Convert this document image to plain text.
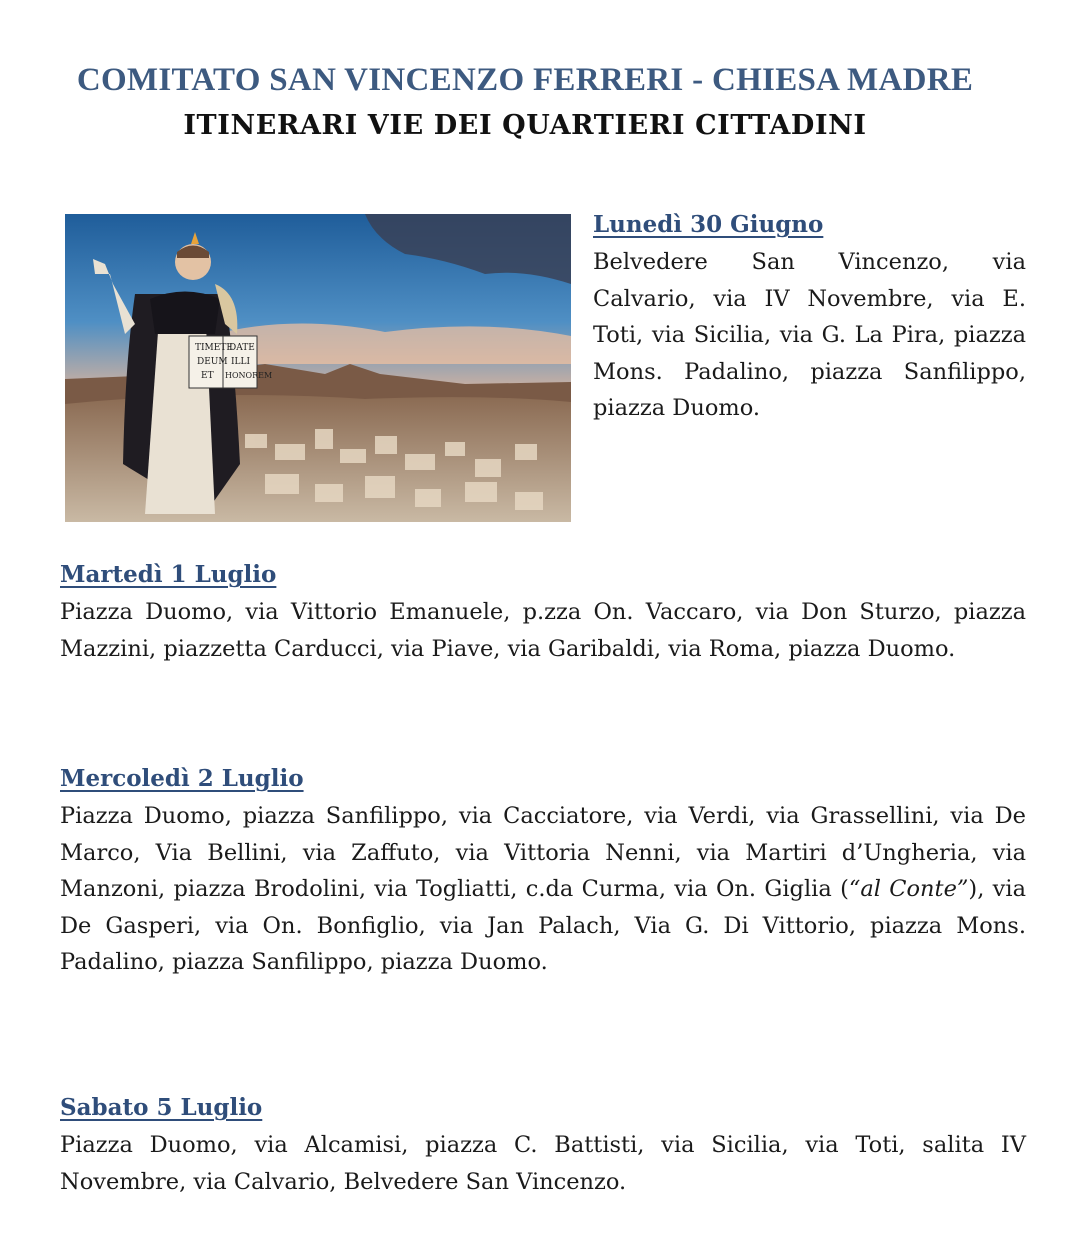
COMITATO SAN VINCENZO FERRERI - CHIESA MADRE
ITINERARI VIE DEI QUARTIERI CITTADINI
TIMETE
DEUM
ET
DATE
ILLI
HONOREM
Lunedì 30 Giugno

Belvedere San Vincenzo, via Calvario, via IV Novembre, via E. Toti, via Sicilia, via G. La Pira, piazza Mons. Padalino, piazza Sanfilippo, piazza Duomo.

Martedì 1 Luglio

Piazza Duomo, via Vittorio Emanuele, p.zza On. Vaccaro, via Don Sturzo, piazza Mazzini, piazzetta Carducci, via Piave, via Garibaldi, via Roma, piazza Duomo.

Mercoledì 2 Luglio

Piazza Duomo, piazza Sanfilippo, via Cacciatore, via Verdi, via Grassellini, via De Marco, Via Bellini, via Zaffuto, via Vittoria Nenni, via Martiri d’Ungheria, via Manzoni, piazza Brodolini, via Togliatti, c.da Curma, via On. Giglia (“al Conte”), via De Gasperi, via On. Bonfiglio, via Jan Palach, Via G. Di Vittorio, piazza Mons. Padalino, piazza Sanfilippo, piazza Duomo.

Sabato 5 Luglio

Piazza Duomo, via Alcamisi, piazza C. Battisti, via Sicilia, via Toti, salita IV Novembre, via Calvario, Belvedere San Vincenzo.
